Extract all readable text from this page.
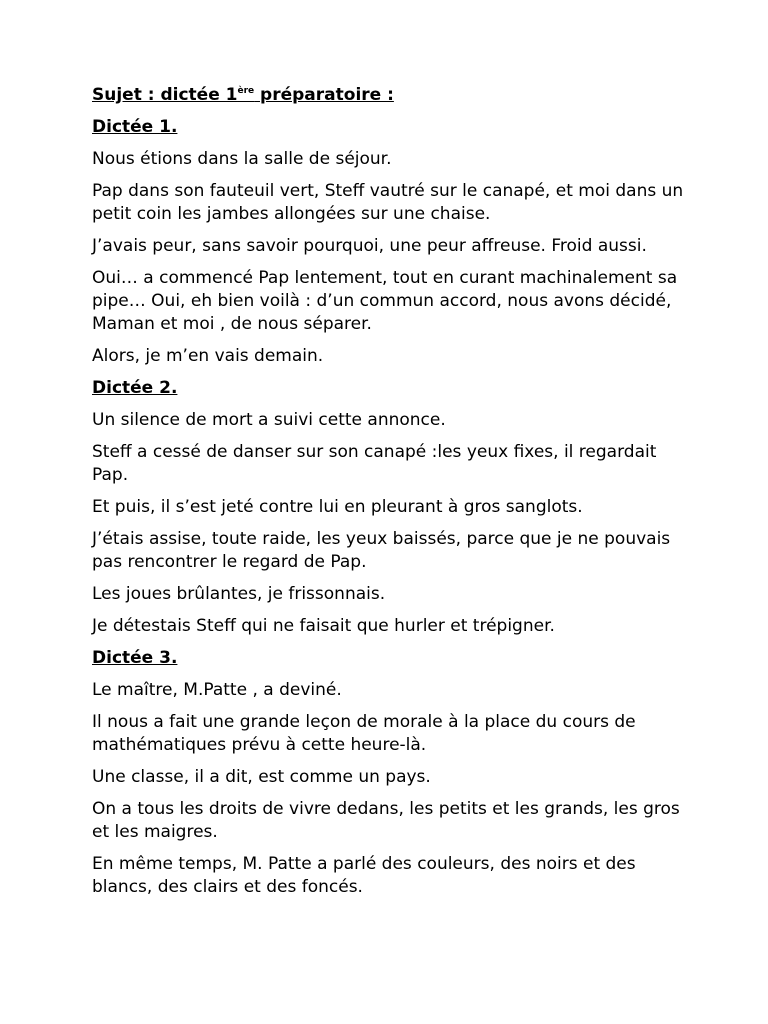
Sujet : dictée 1ère préparatoire :
Dictée 1.

Nous étions dans la salle de séjour.

Pap dans son fauteuil vert, Steff vautré sur le canapé, et moi dans un petit coin les jambes allongées sur une chaise.

J’avais peur, sans savoir pourquoi, une peur affreuse. Froid aussi.

Oui… a commencé Pap lentement, tout en curant machinalement sa pipe… Oui, eh bien voilà : d’un commun accord, nous avons décidé, Maman et moi , de nous séparer.

Alors, je m’en vais demain.

Dictée 2.

Un silence de mort a suivi cette annonce.

Steff a cessé de danser sur son canapé :les yeux fixes, il regardait Pap.

Et puis, il s’est jeté contre lui en pleurant à gros sanglots.

J’étais assise, toute raide, les yeux baissés, parce que je ne pouvais pas rencontrer le regard de Pap.

Les joues brûlantes, je frissonnais.

Je détestais Steff qui ne faisait que hurler et trépigner.

Dictée 3.

Le maître, M.Patte , a deviné.

Il nous a fait une grande leçon de morale à la place du cours de mathématiques prévu à cette heure-là.

Une classe, il a dit, est comme un pays.

On a tous les droits de vivre dedans, les petits et les grands, les gros et les maigres.

En même temps, M. Patte a parlé des couleurs, des noirs et des blancs, des clairs et des foncés.
